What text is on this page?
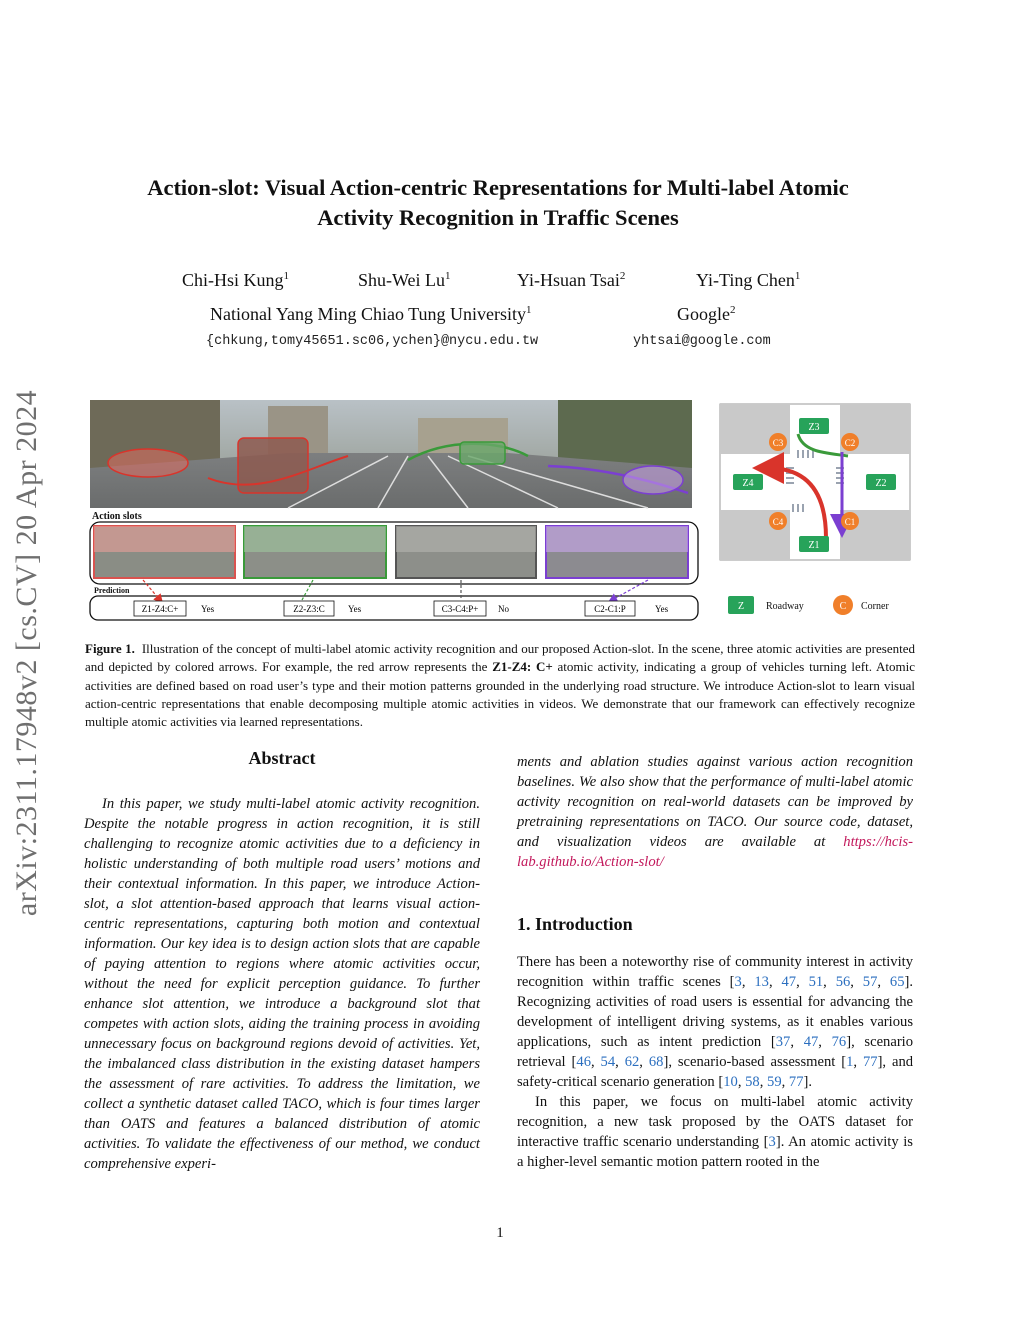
arXiv:2311.17948v2 [cs.CV] 20 Apr 2024
Action-slot: Visual Action-centric Representations for Multi-label Atomic
Activity Recognition in Traffic Scenes
Chi-Hsi Kung$^1$	Shu-Wei Lu$^1$	Yi-Hsuan Tsai$^2$	Yi-Ting Chen$^1$
National Yang Ming Chiao Tung University$^1$	Google$^2$
{chkung,tomy45651.sc06,ychen}@nycu.edu.tw	yhtsai@google.com
Action slots
Prediction
Z1-Z4:C+	Yes	Z2-Z3:C	Yes	C3-C4:P+ No	C2-C1:P	Yes
Z3
Z2
Z4
Z1
C3	C2
C4	C1
Z Roadway	C Corner
Figure 1. Illustration of the concept of multi-label atomic activity recognition and our proposed Action-slot. In the scene, three atomic activities are presented and depicted by colored arrows. For example, the red arrow represents the Z1-Z4: C+ atomic activity, indicating a group of vehicles turning left. Atomic activities are defined based on road user’s type and their motion patterns grounded in the underlying road structure. We introduce Action-slot to learn visual action-centric representations that enable decomposing multiple atomic activities in videos. We demonstrate that our framework can effectively recognize multiple atomic activities via learned representations.
Abstract

In this paper, we study multi-label atomic activity recognition. Despite the notable progress in action recognition, it is still challenging to recognize atomic activities due to a deficiency in holistic understanding of both multiple road users’ motions and their contextual information. In this paper, we introduce Action-slot, a slot attention-based approach that learns visual action-centric representations, capturing both motion and contextual information. Our key idea is to design action slots that are capable of paying attention to regions where atomic activities occur, without the need for explicit perception guidance. To further enhance slot attention, we introduce a background slot that competes with action slots, aiding the training process in avoiding unnecessary focus on background regions devoid of activities. Yet, the imbalanced class distribution in the existing dataset hampers the assessment of rare activities. To address the limitation, we collect a synthetic dataset called TACO, which is four times larger than OATS and features a balanced distribution of atomic activities. To validate the effectiveness of our method, we conduct comprehensive experi-

ments and ablation studies against various action recognition baselines. We also show that the performance of multi-label atomic activity recognition on real-world datasets can be improved by pretraining representations on TACO. Our source code, dataset, and visualization videos are available at https://hcis-lab.github.io/Action-slot/

1. Introduction

There has been a noteworthy rise of community interest in activity recognition within traffic scenes [3, 13, 47, 51, 56, 57, 65]. Recognizing activities of road users is essential for advancing the development of intelligent driving systems, as it enables various applications, such as intent prediction [37, 47, 76], scenario retrieval [46, 54, 62, 68], scenario-based assessment [1, 77], and safety-critical scenario generation [10, 58, 59, 77].

In this paper, we focus on multi-label atomic activity recognition, a new task proposed by the OATS dataset for interactive traffic scenario understanding [3]. An atomic activity is a higher-level semantic motion pattern rooted in the

1
